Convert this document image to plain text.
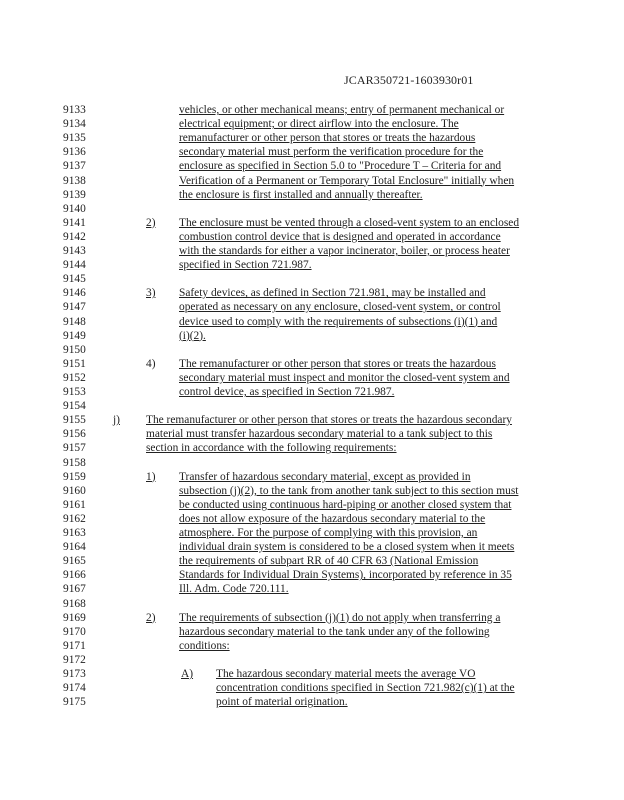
JCAR350721-1603930r01
9133	vehicles, or other mechanical means; entry of permanent mechanical or
9134	electrical equipment; or direct airflow into the enclosure. The
9135	remanufacturer or other person that stores or treats the hazardous
9136	secondary material must perform the verification procedure for the
9137	enclosure as specified in Section 5.0 to "Procedure T – Criteria for and
9138	Verification of a Permanent or Temporary Total Enclosure" initially when
9139	the enclosure is first installed and annually thereafter.
9140
9141	2) The enclosure must be vented through a closed-vent system to an enclosed
9142	combustion control device that is designed and operated in accordance
9143	with the standards for either a vapor incinerator, boiler, or process heater
9144	specified in Section 721.987.
9145
9146	3) Safety devices, as defined in Section 721.981, may be installed and
9147	operated as necessary on any enclosure, closed-vent system, or control
9148	device used to comply with the requirements of subsections (i)(1) and
9149	(i)(2).
9150
9151	4) The remanufacturer or other person that stores or treats the hazardous
9152	secondary material must inspect and monitor the closed-vent system and
9153	control device, as specified in Section 721.987.
9154
9155	j) The remanufacturer or other person that stores or treats the hazardous secondary
9156	material must transfer hazardous secondary material to a tank subject to this
9157	section in accordance with the following requirements:
9158
9159	1) Transfer of hazardous secondary material, except as provided in
9160	subsection (j)(2), to the tank from another tank subject to this section must
9161	be conducted using continuous hard-piping or another closed system that
9162	does not allow exposure of the hazardous secondary material to the
9163	atmosphere. For the purpose of complying with this provision, an
9164	individual drain system is considered to be a closed system when it meets
9165	the requirements of subpart RR of 40 CFR 63 (National Emission
9166	Standards for Individual Drain Systems), incorporated by reference in 35
9167	Ill. Adm. Code 720.111.
9168
9169	2) The requirements of subsection (j)(1) do not apply when transferring a
9170	hazardous secondary material to the tank under any of the following
9171	conditions:
9172
9173	A) The hazardous secondary material meets the average VO
9174	concentration conditions specified in Section 721.982(c)(1) at the
9175	point of material origination.
